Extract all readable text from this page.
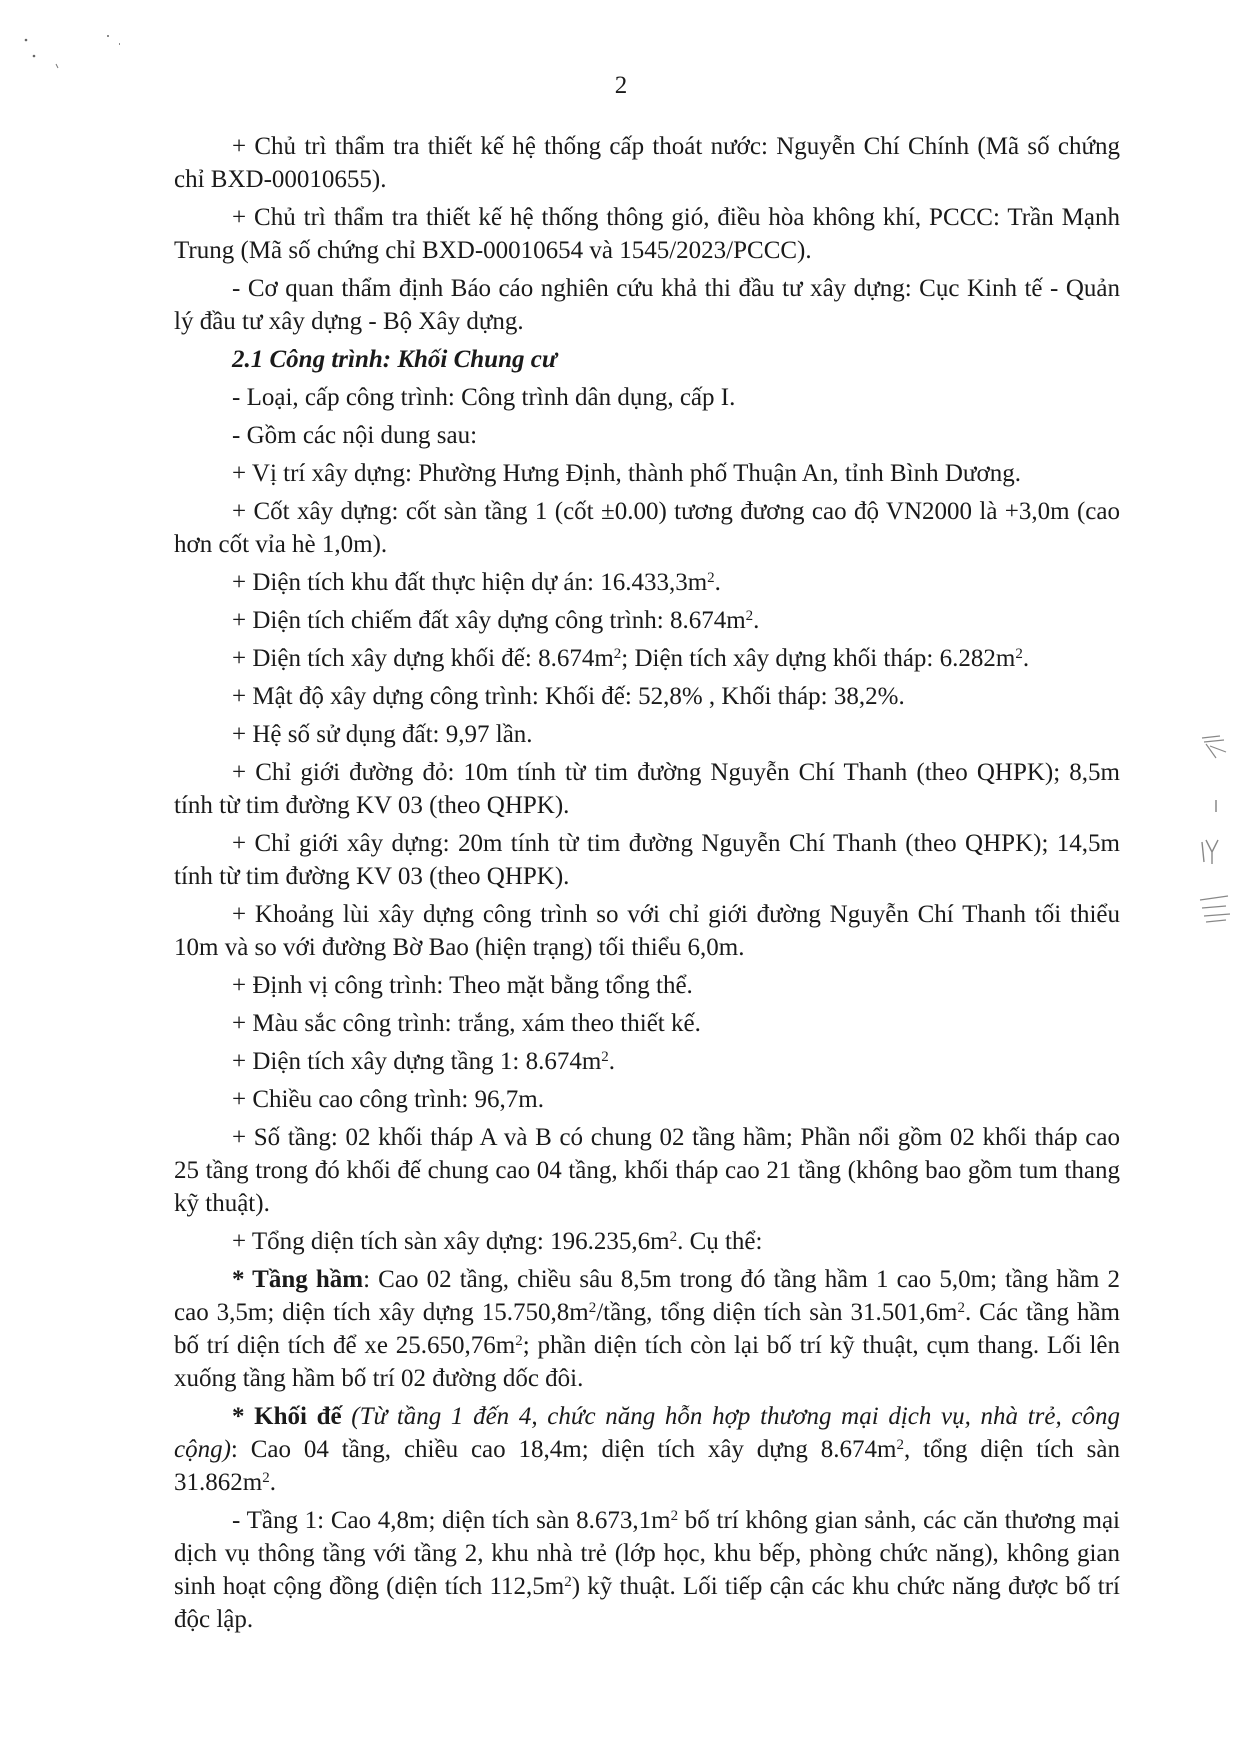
2

+ Chủ trì thẩm tra thiết kế hệ thống cấp thoát nước: Nguyễn Chí Chính (Mã số chứng chỉ BXD-00010655).

+ Chủ trì thẩm tra thiết kế hệ thống thông gió, điều hòa không khí, PCCC: Trần Mạnh Trung (Mã số chứng chỉ BXD-00010654 và 1545/2023/PCCC).

- Cơ quan thẩm định Báo cáo nghiên cứu khả thi đầu tư xây dựng: Cục Kinh tế - Quản lý đầu tư xây dựng - Bộ Xây dựng.

2.1 Công trình: Khối Chung cư

- Loại, cấp công trình: Công trình dân dụng, cấp I.

- Gồm các nội dung sau:

+ Vị trí xây dựng: Phường Hưng Định, thành phố Thuận An, tỉnh Bình Dương.

+ Cốt xây dựng: cốt sàn tầng 1 (cốt ±0.00) tương đương cao độ VN2000 là +3,0m (cao hơn cốt vỉa hè 1,0m).

+ Diện tích khu đất thực hiện dự án: $16.433,3m^2$.

+ Diện tích chiếm đất xây dựng công trình: $8.674m^2$.

+ Diện tích xây dựng khối đế: $8.674m^2$; Diện tích xây dựng khối tháp: $6.282m^2$.

+ Mật độ xây dựng công trình: Khối đế: 52,8% , Khối tháp: 38,2%.

+ Hệ số sử dụng đất: 9,97 lần.

+ Chỉ giới đường đỏ: 10m tính từ tim đường Nguyễn Chí Thanh (theo QHPK); 8,5m tính từ tim đường KV 03 (theo QHPK).

+ Chỉ giới xây dựng: 20m tính từ tim đường Nguyễn Chí Thanh (theo QHPK); 14,5m tính từ tim đường KV 03 (theo QHPK).

+ Khoảng lùi xây dựng công trình so với chỉ giới đường Nguyễn Chí Thanh tối thiểu 10m và so với đường Bờ Bao (hiện trạng) tối thiểu 6,0m.

+ Định vị công trình: Theo mặt bằng tổng thể.

+ Màu sắc công trình: trắng, xám theo thiết kế.

+ Diện tích xây dựng tầng 1: $8.674m^2$.

+ Chiều cao công trình: 96,7m.

+ Số tầng: 02 khối tháp A và B có chung 02 tầng hầm; Phần nổi gồm 02 khối tháp cao 25 tầng trong đó khối đế chung cao 04 tầng, khối tháp cao 21 tầng (không bao gồm tum thang kỹ thuật).

+ Tổng diện tích sàn xây dựng: $196.235,6m^2$. Cụ thể:

* Tầng hầm: Cao 02 tầng, chiều sâu 8,5m trong đó tầng hầm 1 cao 5,0m; tầng hầm 2 cao 3,5m; diện tích xây dựng $15.750,8m^2$/tầng, tổng diện tích sàn $31.501,6m^2$. Các tầng hầm bố trí diện tích để xe $25.650,76m^2$; phần diện tích còn lại bố trí kỹ thuật, cụm thang. Lối lên xuống tầng hầm bố trí 02 đường dốc đôi.

* Khối đế (Từ tầng 1 đến 4, chức năng hỗn hợp thương mại dịch vụ, nhà trẻ, công cộng): Cao 04 tầng, chiều cao 18,4m; diện tích xây dựng $8.674m^2$, tổng diện tích sàn $31.862m^2$.

- Tầng 1: Cao 4,8m; diện tích sàn $8.673,1m^2$ bố trí không gian sảnh, các căn thương mại dịch vụ thông tầng với tầng 2, khu nhà trẻ (lớp học, khu bếp, phòng chức năng), không gian sinh hoạt cộng đồng (diện tích $112,5m^2$) kỹ thuật. Lối tiếp cận các khu chức năng được bố trí độc lập.
